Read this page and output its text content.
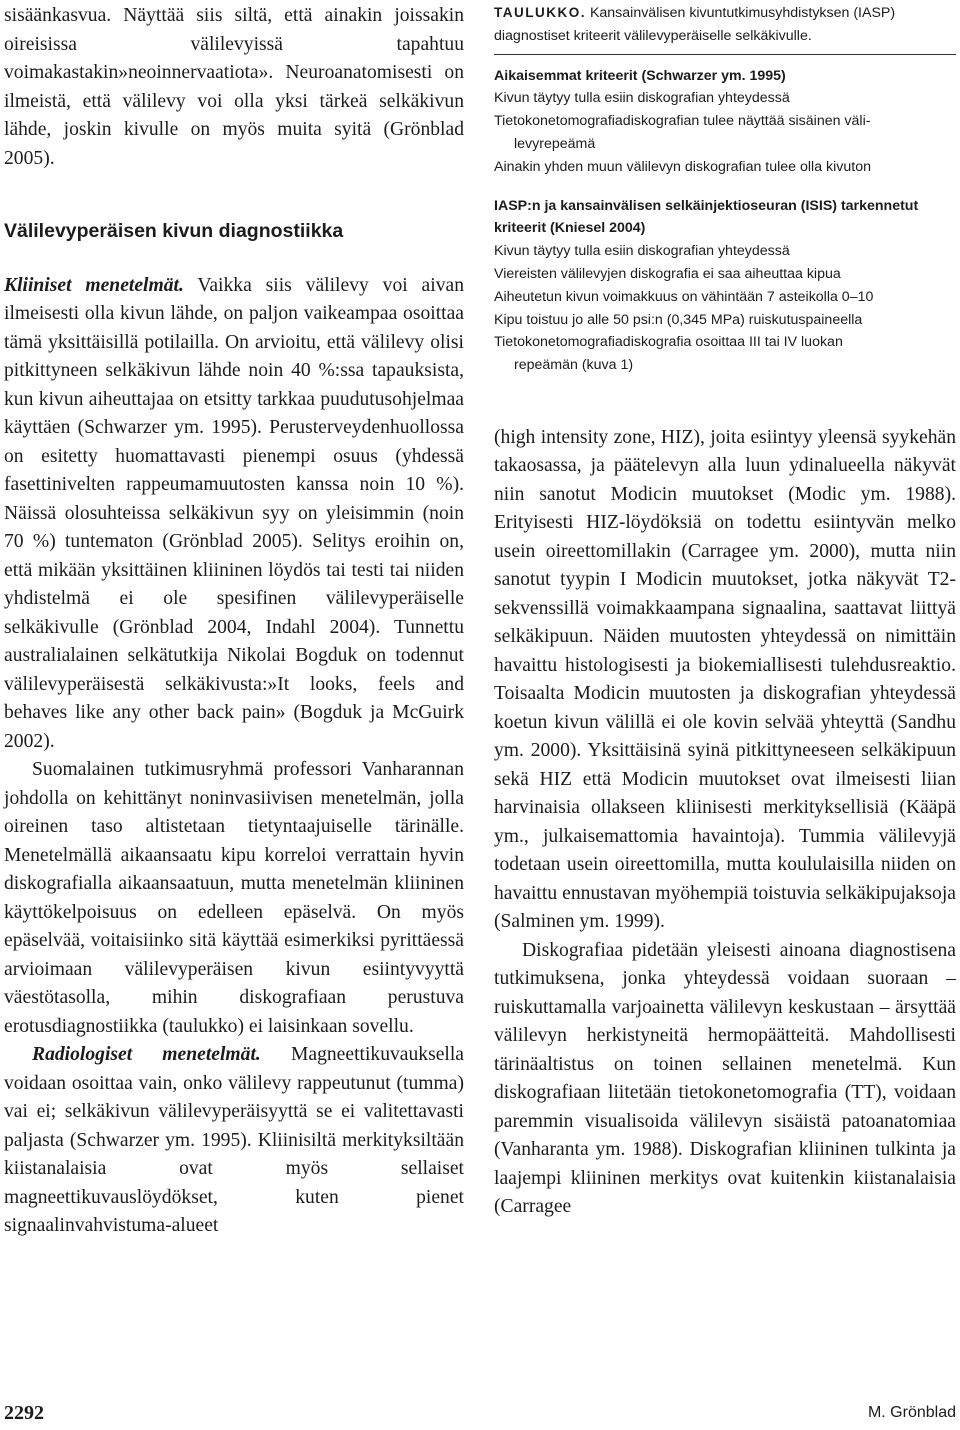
sisäänkasvua. Näyttää siis siltä, että ainakin joissakin oireisissa välilevyissä tapahtuu voimakastakin»neoinnervaatiota». Neuroanatomisesti on ilmeistä, että välilevy voi olla yksi tärkeä selkäkivun lähde, joskin kivulle on myös muita syitä (Grönblad 2005).

Välilevyperäisen kivun diagnostiikka

Kliiniset menetelmät. Vaikka siis välilevy voi aivan ilmeisesti olla kivun lähde, on paljon vaikeampaa osoittaa tämä yksittäisillä potilailla. On arvioitu, että välilevy olisi pitkittyneen selkäkivun lähde noin 40 %:ssa tapauksista, kun kivun aiheuttajaa on etsitty tarkkaa puudutusohjelmaa käyttäen (Schwarzer ym. 1995). Perusterveydenhuollossa on esitetty huomattavasti pienempi osuus (yhdessä fasettinivelten rappeumamuutosten kanssa noin 10 %). Näissä olosuhteissa selkäkivun syy on yleisimmin (noin 70 %) tuntematon (Grönblad 2005). Selitys eroihin on, että mikään yksittäinen kliininen löydös tai testi tai niiden yhdistelmä ei ole spesifinen välilevyperäiselle selkäkivulle (Grönblad 2004, Indahl 2004). Tunnettu australialainen selkätutkija Nikolai Bogduk on todennut välilevyperäisestä selkäkivusta:»It looks, feels and behaves like any other back pain» (Bogduk ja McGuirk 2002).

Suomalainen tutkimusryhmä professori Vanharannan johdolla on kehittänyt noninvasiivisen menetelmän, jolla oireinen taso altistetaan tietyntaajuiselle tärinälle. Menetelmällä aikaansaatu kipu korreloi verrattain hyvin diskografialla aikaansaatuun, mutta menetelmän kliininen käyttökelpoisuus on edelleen epäselvä. On myös epäselvää, voitaisiinko sitä käyttää esimerkiksi pyrittäessä arvioimaan välilevyperäisen kivun esiintyvyyttä väestötasolla, mihin diskografiaan perustuva erotusdiagnostiikka (taulukko) ei laisinkaan sovellu.

Radiologiset menetelmät. Magneettikuvauksella voidaan osoittaa vain, onko välilevy rappeutunut (tumma) vai ei; selkäkivun välilevyperäisyyttä se ei valitettavasti paljasta (Schwarzer ym. 1995). Kliinisiltä merkityksiltään kiistanalaisia ovat myös sellaiset magneettikuvauslöydökset, kuten pienet signaalinvahvistuma-alueet

TAULUKKO. Kansainvälisen kivuntutkimusyhdistyksen (IASP) diagnostiset kriteerit välilevyperäiselle selkäkivulle.
Aikaisemmat kriteerit (Schwarzer ym. 1995)
Kivun täytyy tulla esiin diskografian yhteydessä
Tietokonetomografiadiskografian tulee näyttää sisäinen väli-
levyrepeämä
Ainakin yhden muun välilevyn diskografian tulee olla kivuton
IASP:n ja kansainvälisen selkäinjektioseuran (ISIS) tarkennetut
kriteerit (Kniesel 2004)
Kivun täytyy tulla esiin diskografian yhteydessä
Viereisten välilevyjen diskografia ei saa aiheuttaa kipua
Aiheutetun kivun voimakkuus on vähintään 7 asteikolla 0–10
Kipu toistuu jo alle 50 psi:n (0,345 MPa) ruiskutuspaineella
Tietokonetomografiadiskografia osoittaa III tai IV luokan
repeämän (kuva 1)

(high intensity zone, HIZ), joita esiintyy yleensä syykehän takaosassa, ja päätelevyn alla luun ydinalueella näkyvät niin sanotut Modicin muutokset (Modic ym. 1988). Erityisesti HIZ-löydöksiä on todettu esiintyvän melko usein oireettomillakin (Carragee ym. 2000), mutta niin sanotut tyypin I Modicin muutokset, jotka näkyvät T2-sekvenssillä voimakkaampana signaalina, saattavat liittyä selkäkipuun. Näiden muutosten yhteydessä on nimittäin havaittu histologisesti ja biokemiallisesti tulehdusreaktio. Toisaalta Modicin muutosten ja diskografian yhteydessä koetun kivun välillä ei ole kovin selvää yhteyttä (Sandhu ym. 2000). Yksittäisinä syinä pitkittyneeseen selkäkipuun sekä HIZ että Modicin muutokset ovat ilmeisesti liian harvinaisia ollakseen kliinisesti merkityksellisiä (Kääpä ym., julkaisemattomia havaintoja). Tummia välilevyjä todetaan usein oireettomilla, mutta koululaisilla niiden on havaittu ennustavan myöhempiä toistuvia selkäkipujaksoja (Salminen ym. 1999).

Diskografiaa pidetään yleisesti ainoana diagnostisena tutkimuksena, jonka yhteydessä voidaan suoraan – ruiskuttamalla varjoainetta välilevyn keskustaan – ärsyttää välilevyn herkistyneitä hermopäätteitä. Mahdollisesti tärinäaltistus on toinen sellainen menetelmä. Kun diskografiaan liitetään tietokonetomografia (TT), voidaan paremmin visualisoida välilevyn sisäistä patoanatomiaa (Vanharanta ym. 1988). Diskografian kliininen tulkinta ja laajempi kliininen merkitys ovat kuitenkin kiistanalaisia (Carragee

2292	M. Grönblad
